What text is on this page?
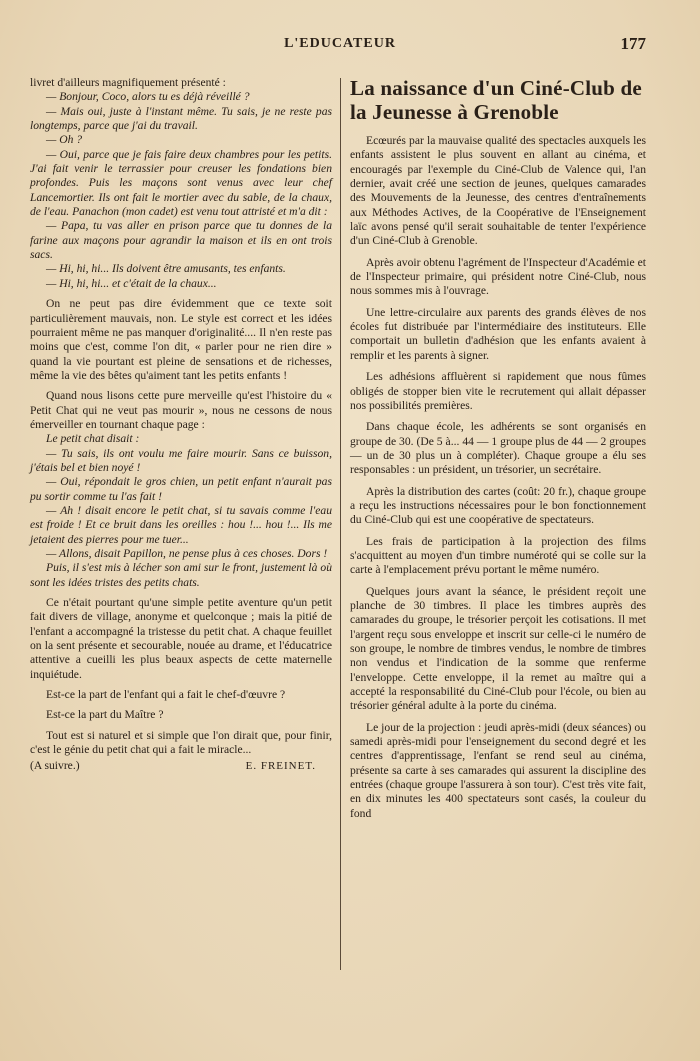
L'EDUCATEUR	177

livret d'ailleurs magnifiquement présenté :

— Bonjour, Coco, alors tu es déjà réveillé ?

— Mais oui, juste à l'instant même. Tu sais, je ne reste pas longtemps, parce que j'ai du travail.

— Oh ?

— Oui, parce que je fais faire deux chambres pour les petits. J'ai fait venir le terrassier pour creuser les fondations bien profondes. Puis les maçons sont venus avec leur chef Lancemortier. Ils ont fait le mortier avec du sable, de la chaux, de l'eau. Panachon (mon cadet) est venu tout attristé et m'a dit :

— Papa, tu vas aller en prison parce que tu donnes de la farine aux maçons pour agrandir la maison et ils en ont trois sacs.

— Hi, hi, hi... Ils doivent être amusants, tes enfants.

— Hi, hi, hi... et c'était de la chaux...

On ne peut pas dire évidemment que ce texte soit particulièrement mauvais, non. Le style est correct et les idées pourraient même ne pas manquer d'originalité.... Il n'en reste pas moins que c'est, comme l'on dit, « parler pour ne rien dire » quand la vie pourtant est pleine de sensations et de richesses, même la vie des bêtes qu'aiment tant les petits enfants !

Quand nous lisons cette pure merveille qu'est l'histoire du « Petit Chat qui ne veut pas mourir », nous ne cessons de nous émerveiller en tournant chaque page :

Le petit chat disait :

— Tu sais, ils ont voulu me faire mourir. Sans ce buisson, j'étais bel et bien noyé !

— Oui, répondait le gros chien, un petit enfant n'aurait pas pu sortir comme tu l'as fait !

— Ah ! disait encore le petit chat, si tu savais comme l'eau est froide ! Et ce bruit dans les oreilles : hou !... hou !... Ils me jetaient des pierres pour me tuer...

— Allons, disait Papillon, ne pense plus à ces choses. Dors !

Puis, il s'est mis à lécher son ami sur le front, justement là où sont les idées tristes des petits chats.

Ce n'était pourtant qu'une simple petite aventure qu'un petit fait divers de village, anonyme et quelconque ; mais la pitié de l'enfant a accompagné la tristesse du petit chat. A chaque feuillet on la sent présente et secourable, nouée au drame, et l'éducatrice attentive a cueilli les plus beaux aspects de cette maternelle inquiétude.

Est-ce la part de l'enfant qui a fait le chef-d'œuvre ?

Est-ce la part du Maître ?

Tout est si naturel et si simple que l'on dirait que, pour finir, c'est le génie du petit chat qui a fait le miracle...

(A suivre.)	E. FREINET.
La naissance d'un Ciné-Club de la Jeunesse à Grenoble

Ecœurés par la mauvaise qualité des spectacles auxquels les enfants assistent le plus souvent en allant au cinéma, et encouragés par l'exemple du Ciné-Club de Valence qui, l'an dernier, avait créé une section de jeunes, quelques camarades des Mouvements de la Jeunesse, des centres d'entraînements aux Méthodes Actives, de la Coopérative de l'Enseignement laïc avons pensé qu'il serait souhaitable de tenter l'expérience d'un Ciné-Club à Grenoble.

Après avoir obtenu l'agrément de l'Inspecteur d'Académie et de l'Inspecteur primaire, qui président notre Ciné-Club, nous nous sommes mis à l'ouvrage.

Une lettre-circulaire aux parents des grands élèves de nos écoles fut distribuée par l'intermédiaire des instituteurs. Elle comportait un bulletin d'adhésion que les enfants avaient à remplir et les parents à signer.

Les adhésions affluèrent si rapidement que nous fûmes obligés de stopper bien vite le recrutement qui allait dépasser nos possibilités premières.

Dans chaque école, les adhérents se sont organisés en groupe de 30. (De 5 à... 44 — 1 groupe plus de 44 — 2 groupes — un de 30 plus un à compléter). Chaque groupe a élu ses responsables : un président, un trésorier, un secrétaire.

Après la distribution des cartes (coût: 20 fr.), chaque groupe a reçu les instructions nécessaires pour le bon fonctionnement du Ciné-Club qui est une coopérative de spectateurs.

Les frais de participation à la projection des films s'acquittent au moyen d'un timbre numéroté qui se colle sur la carte à l'emplacement prévu portant le même numéro.

Quelques jours avant la séance, le président reçoit une planche de 30 timbres. Il place les timbres auprès des camarades du groupe, le trésorier perçoit les cotisations. Il met l'argent reçu sous enveloppe et inscrit sur celle-ci le numéro de son groupe, le nombre de timbres vendus, le nombre de timbres non vendus et l'indication de la somme que renferme l'enveloppe. Cette enveloppe, il la remet au maître qui a accepté la responsabilité du Ciné-Club pour l'école, ou bien au trésorier général adulte à la porte du cinéma.

Le jour de la projection : jeudi après-midi (deux séances) ou samedi après-midi pour l'enseignement du second degré et les centres d'apprentissage, l'enfant se rend seul au cinéma, présente sa carte à ses camarades qui assurent la discipline des entrées (chaque groupe l'assurera à son tour). C'est très vite fait, en dix minutes les 400 spectateurs sont casés, la couleur du fond
